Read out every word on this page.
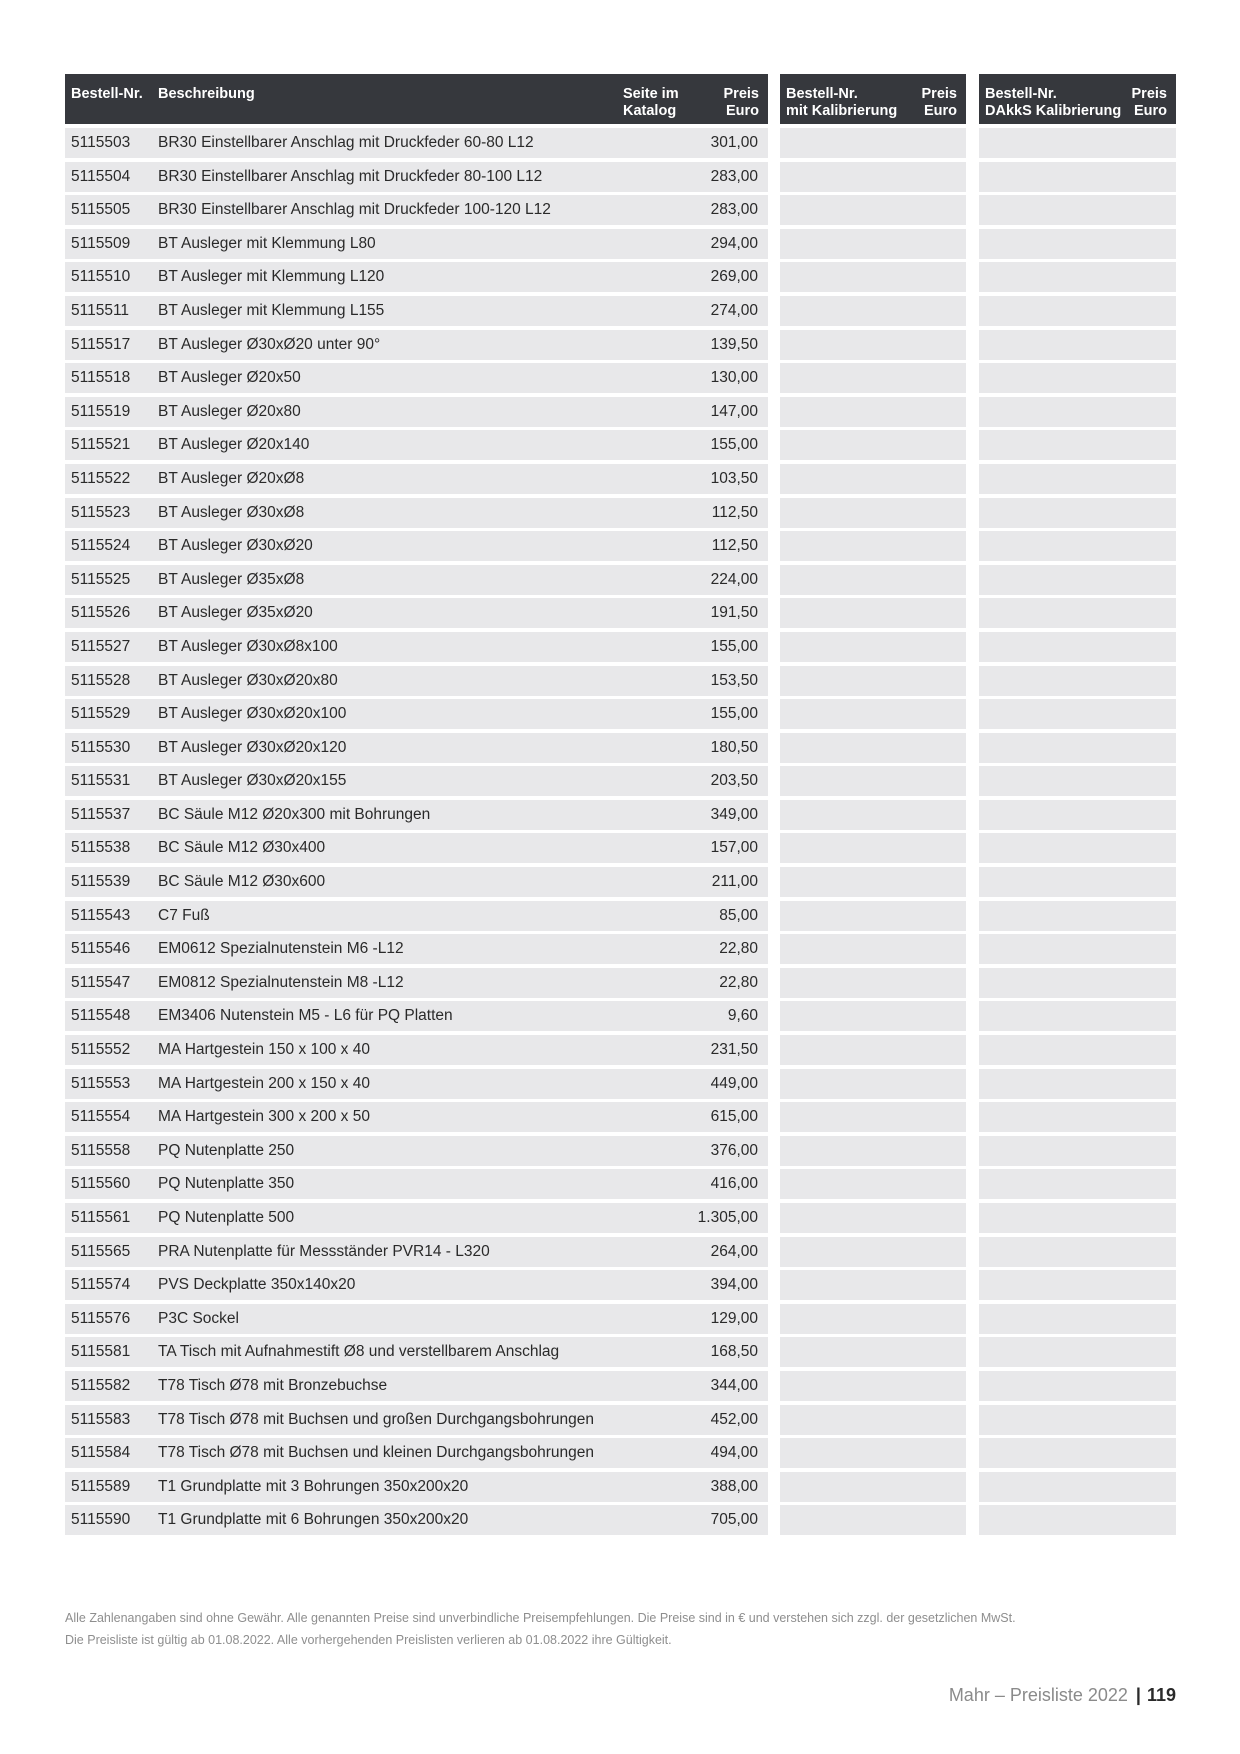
Bestell-Nr. Beschreibung	Seite im
Katalog
Preis
Euro
5115503 BR30 Einstellbarer Anschlag mit Druckfeder 60-80 L12	301,00
5115504 BR30 Einstellbarer Anschlag mit Druckfeder 80-100 L12	283,00
5115505 BR30 Einstellbarer Anschlag mit Druckfeder 100-120 L12	283,00
5115509 BT Ausleger mit Klemmung L80	294,00
5115510 BT Ausleger mit Klemmung L120	269,00
5115511 BT Ausleger mit Klemmung L155	274,00
5115517 BT Ausleger Ø30xØ20 unter 90°	139,50
5115518 BT Ausleger Ø20x50	130,00
5115519 BT Ausleger Ø20x80	147,00
5115521 BT Ausleger Ø20x140	155,00
5115522 BT Ausleger Ø20xØ8	103,50
5115523 BT Ausleger Ø30xØ8	112,50
5115524 BT Ausleger Ø30xØ20	112,50
5115525 BT Ausleger Ø35xØ8	224,00
5115526 BT Ausleger Ø35xØ20	191,50
5115527 BT Ausleger Ø30xØ8x100	155,00
5115528 BT Ausleger Ø30xØ20x80	153,50
5115529 BT Ausleger Ø30xØ20x100	155,00
5115530 BT Ausleger Ø30xØ20x120	180,50
5115531 BT Ausleger Ø30xØ20x155	203,50
5115537 BC Säule M12 Ø20x300 mit Bohrungen	349,00
5115538 BC Säule M12 Ø30x400	157,00
5115539 BC Säule M12 Ø30x600	211,00
5115543 C7 Fuß	85,00
5115546 EM0612 Spezialnutenstein M6 -L12	22,80
5115547 EM0812 Spezialnutenstein M8 -L12	22,80
5115548 EM3406 Nutenstein M5 - L6 für PQ Platten	9,60
5115552 MA Hartgestein 150 x 100 x 40	231,50
5115553 MA Hartgestein 200 x 150 x 40	449,00
5115554 MA Hartgestein 300 x 200 x 50	615,00
5115558 PQ Nutenplatte 250	376,00
5115560 PQ Nutenplatte 350	416,00
5115561 PQ Nutenplatte 500	1.305,00
5115565 PRA Nutenplatte für Messständer PVR14 - L320	264,00
5115574 PVS Deckplatte 350x140x20	394,00
5115576 P3C Sockel	129,00
5115581 TA Tisch mit Aufnahmestift Ø8 und verstellbarem Anschlag	168,50
5115582 T78 Tisch Ø78 mit Bronzebuchse	344,00
5115583 T78 Tisch Ø78 mit Buchsen und großen Durchgangsbohrungen	452,00
5115584 T78 Tisch Ø78 mit Buchsen und kleinen Durchgangsbohrungen	494,00
5115589 T1 Grundplatte mit 3 Bohrungen 350x200x20	388,00
5115590 T1 Grundplatte mit 6 Bohrungen 350x200x20	705,00
Bestell-Nr.
mit Kalibrierung
Preis
Euro
Bestell-Nr.
DAkkS Kalibrierung
Preis
Euro
Alle Zahlenangaben sind ohne Gewähr. Alle genannten Preise sind unverbindliche Preisempfehlungen. Die Preise sind in € und verstehen sich zzgl. der gesetzlichen MwSt.
Die Preisliste ist gültig ab 01.08.2022. Alle vorhergehenden Preislisten verlieren ab 01.08.2022 ihre Gültigkeit.
Mahr – Preisliste 2022 | 119
